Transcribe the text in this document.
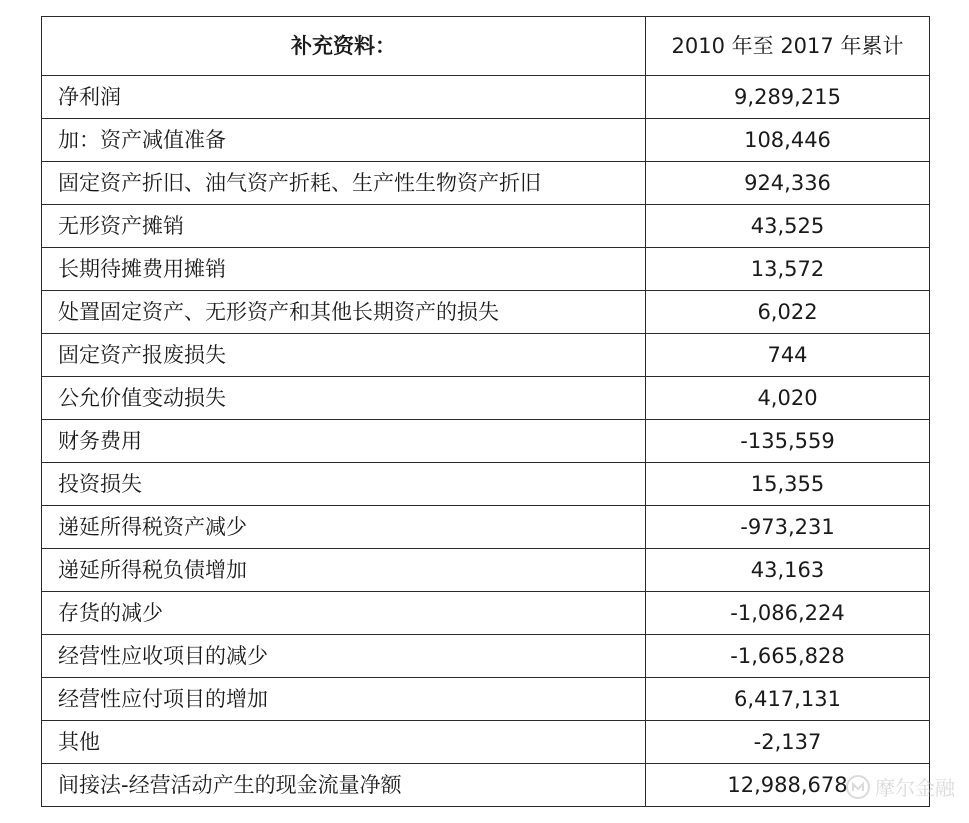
补充资料：	2010 年至 2017 年累计
净利润	9,289,215
加：资产减值准备	108,446
固定资产折旧、油气资产折耗、生产性生物资产折旧	924,336
无形资产摊销	43,525
长期待摊费用摊销	13,572
处置固定资产、无形资产和其他长期资产的损失	6,022
固定资产报废损失	744
公允价值变动损失	4,020
财务费用	-135,559
投资损失	15,355
递延所得税资产减少	-973,231
递延所得税负债增加	43,163
存货的减少	-1,086,224
经营性应收项目的减少	-1,665,828
经营性应付项目的增加	6,417,131
其他	-2,137
间接法-经营活动产生的现金流量净额	12,988,678 摩尔金融
